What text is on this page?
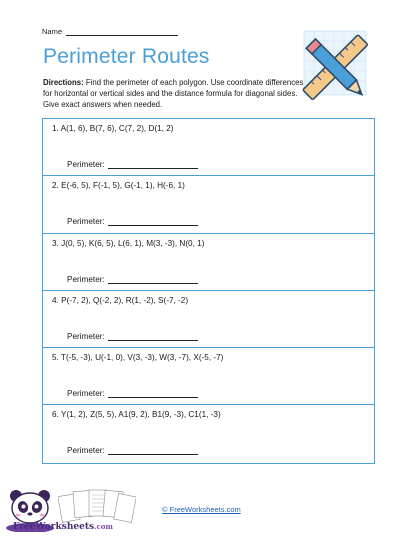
Name
Perimeter Routes
Directions: Find the perimeter of each polygon. Use coordinate differences for horizontal or vertical sides and the distance formula for diagonal sides. Give exact answers when needed.
1. A(1, 6), B(7, 6), C(7, 2), D(1, 2)
Perimeter:
2. E(-6, 5), F(-1, 5), G(-1, 1), H(-6, 1)
Perimeter:
3. J(0, 5), K(6, 5), L(6, 1), M(3, -3), N(0, 1)
Perimeter:
4. P(-7, 2), Q(-2, 2), R(1, -2), S(-7, -2)
Perimeter:
5. T(-5, -3), U(-1, 0), V(3, -3), W(3, -7), X(-5, -7)
Perimeter:
6. Y(1, 2), Z(5, 5), A1(9, 2), B1(9, -3), C1(1, -3)
Perimeter:
FreeWorksheets.com
© FreeWorksheets.com
